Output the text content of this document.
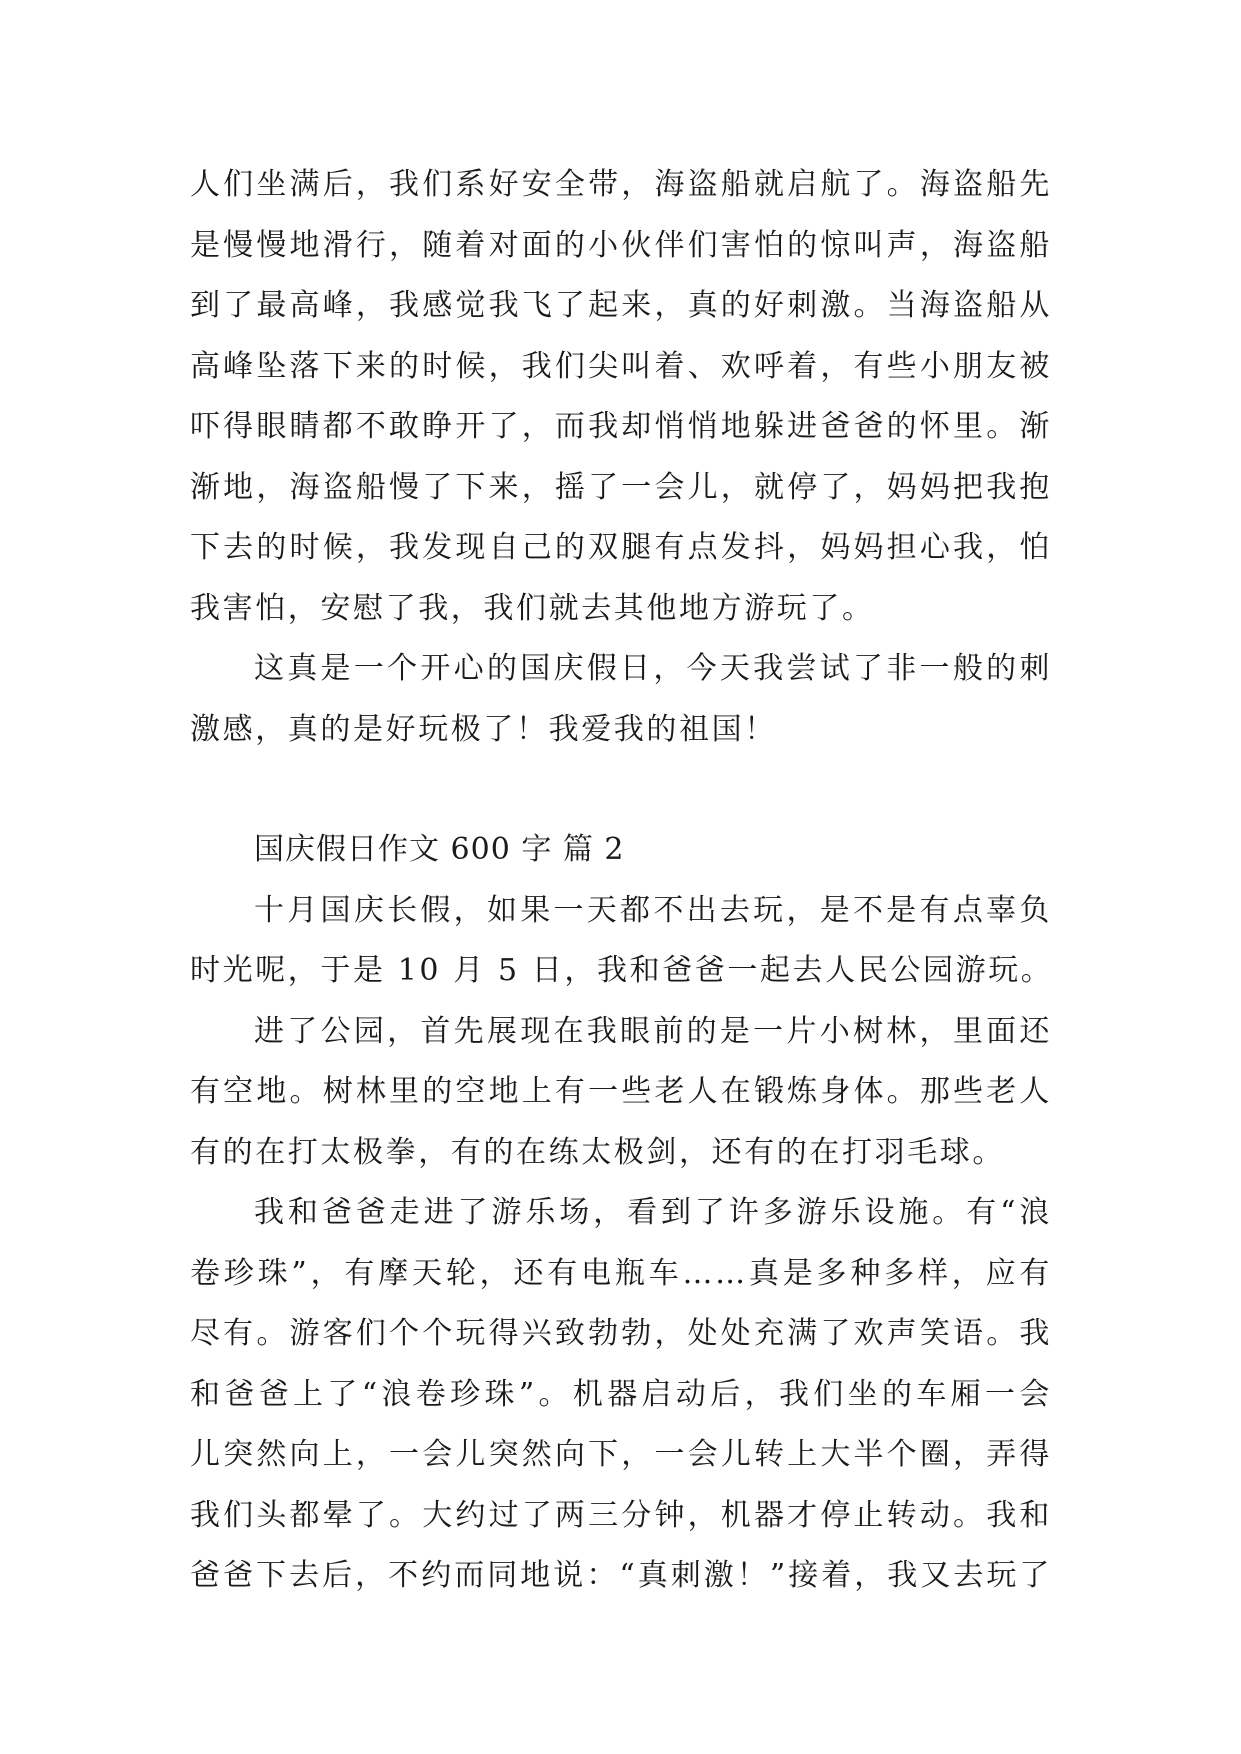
人们坐满后，我们系好安全带，海盗船就启航了。海盗船先
是慢慢地滑行，随着对面的小伙伴们害怕的惊叫声，海盗船
到了最高峰，我感觉我飞了起来，真的好刺激。当海盗船从
高峰坠落下来的时候，我们尖叫着、欢呼着，有些小朋友被
吓得眼睛都不敢睁开了，而我却悄悄地躲进爸爸的怀里。渐
渐地，海盗船慢了下来，摇了一会儿，就停了，妈妈把我抱
下去的时候，我发现自己的双腿有点发抖，妈妈担心我，怕
我害怕，安慰了我，我们就去其他地方游玩了。
这真是一个开心的国庆假日，今天我尝试了非一般的刺
激感，真的是好玩极了！我爱我的祖国！
国庆假日作文 600 字 篇 2
十月国庆长假，如果一天都不出去玩，是不是有点辜负
时光呢，于是 10 月 5 日，我和爸爸一起去人民公园游玩。
进了公园，首先展现在我眼前的是一片小树林，里面还
有空地。树林里的空地上有一些老人在锻炼身体。那些老人
有的在打太极拳，有的在练太极剑，还有的在打羽毛球。
我和爸爸走进了游乐场，看到了许多游乐设施。有“浪
卷珍珠”，有摩天轮，还有电瓶车……真是多种多样，应有
尽有。游客们个个玩得兴致勃勃，处处充满了欢声笑语。我
和爸爸上了“浪卷珍珠”。机器启动后，我们坐的车厢一会
儿突然向上，一会儿突然向下，一会儿转上大半个圈，弄得
我们头都晕了。大约过了两三分钟，机器才停止转动。我和
爸爸下去后，不约而同地说：“真刺激！”接着，我又去玩了
